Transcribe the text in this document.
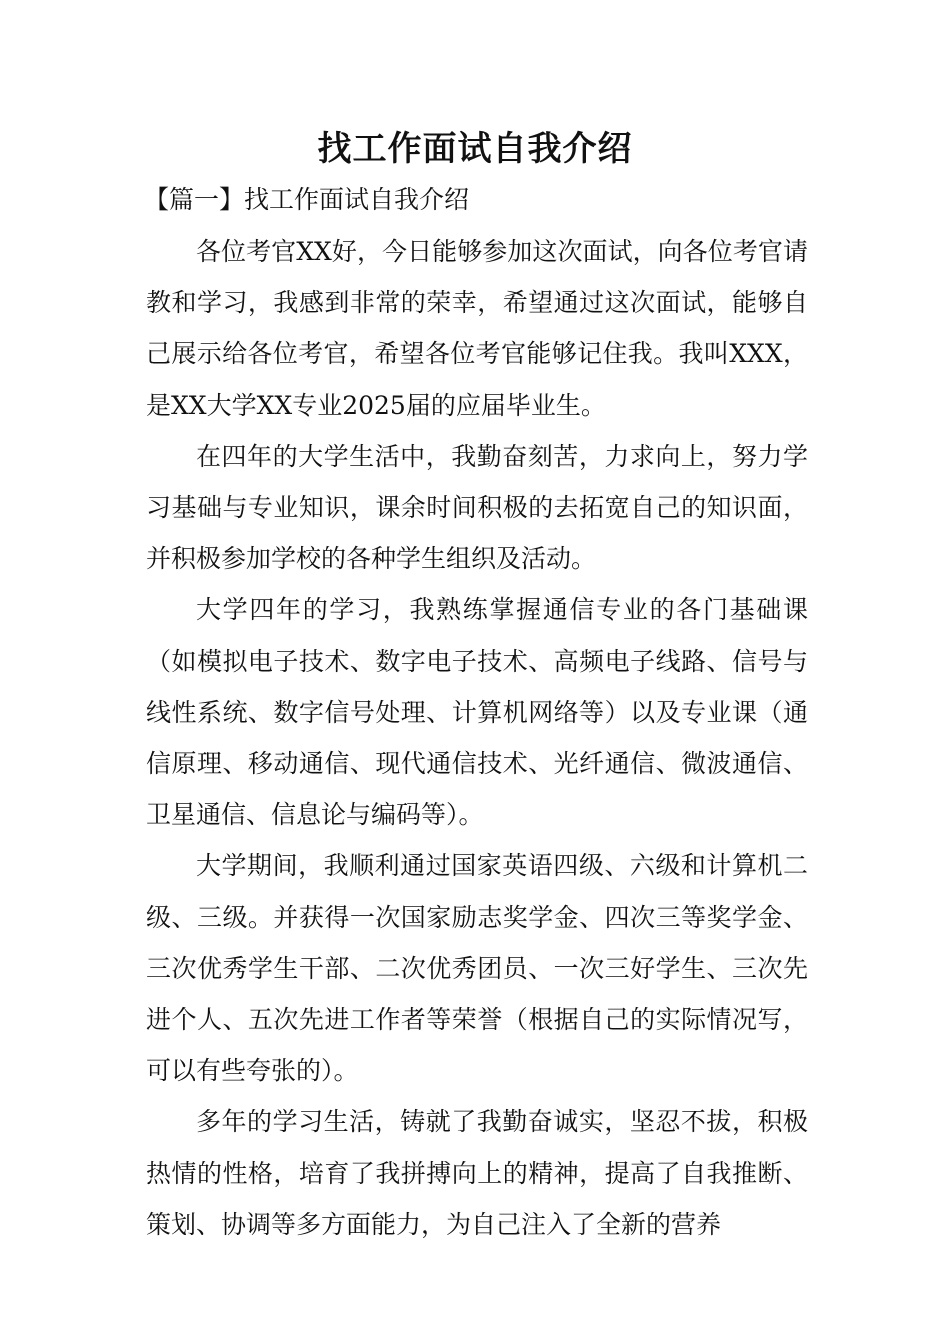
找工作面试自我介绍
【篇一】找工作面试自我介绍

各位考官XX好，今日能够参加这次面试，向各位考官请教和学习，我感到非常的荣幸，希望通过这次面试，能够自己展示给各位考官，希望各位考官能够记住我。我叫XXX，是XX大学XX专业2025届的应届毕业生。

在四年的大学生活中，我勤奋刻苦，力求向上，努力学习基础与专业知识，课余时间积极的去拓宽自己的知识面，并积极参加学校的各种学生组织及活动。

大学四年的学习，我熟练掌握通信专业的各门基础课（如模拟电子技术、数字电子技术、高频电子线路、信号与线性系统、数字信号处理、计算机网络等）以及专业课（通信原理、移动通信、现代通信技术、光纤通信、微波通信、卫星通信、信息论与编码等）。

大学期间，我顺利通过国家英语四级、六级和计算机二级、三级。并获得一次国家励志奖学金、四次三等奖学金、三次优秀学生干部、二次优秀团员、一次三好学生、三次先进个人、五次先进工作者等荣誉（根据自己的实际情况写，可以有些夸张的）。

多年的学习生活，铸就了我勤奋诚实，坚忍不拔，积极热情的性格，培育了我拼搏向上的精神，提高了自我推断、策划、协调等多方面能力，为自己注入了全新的营养
